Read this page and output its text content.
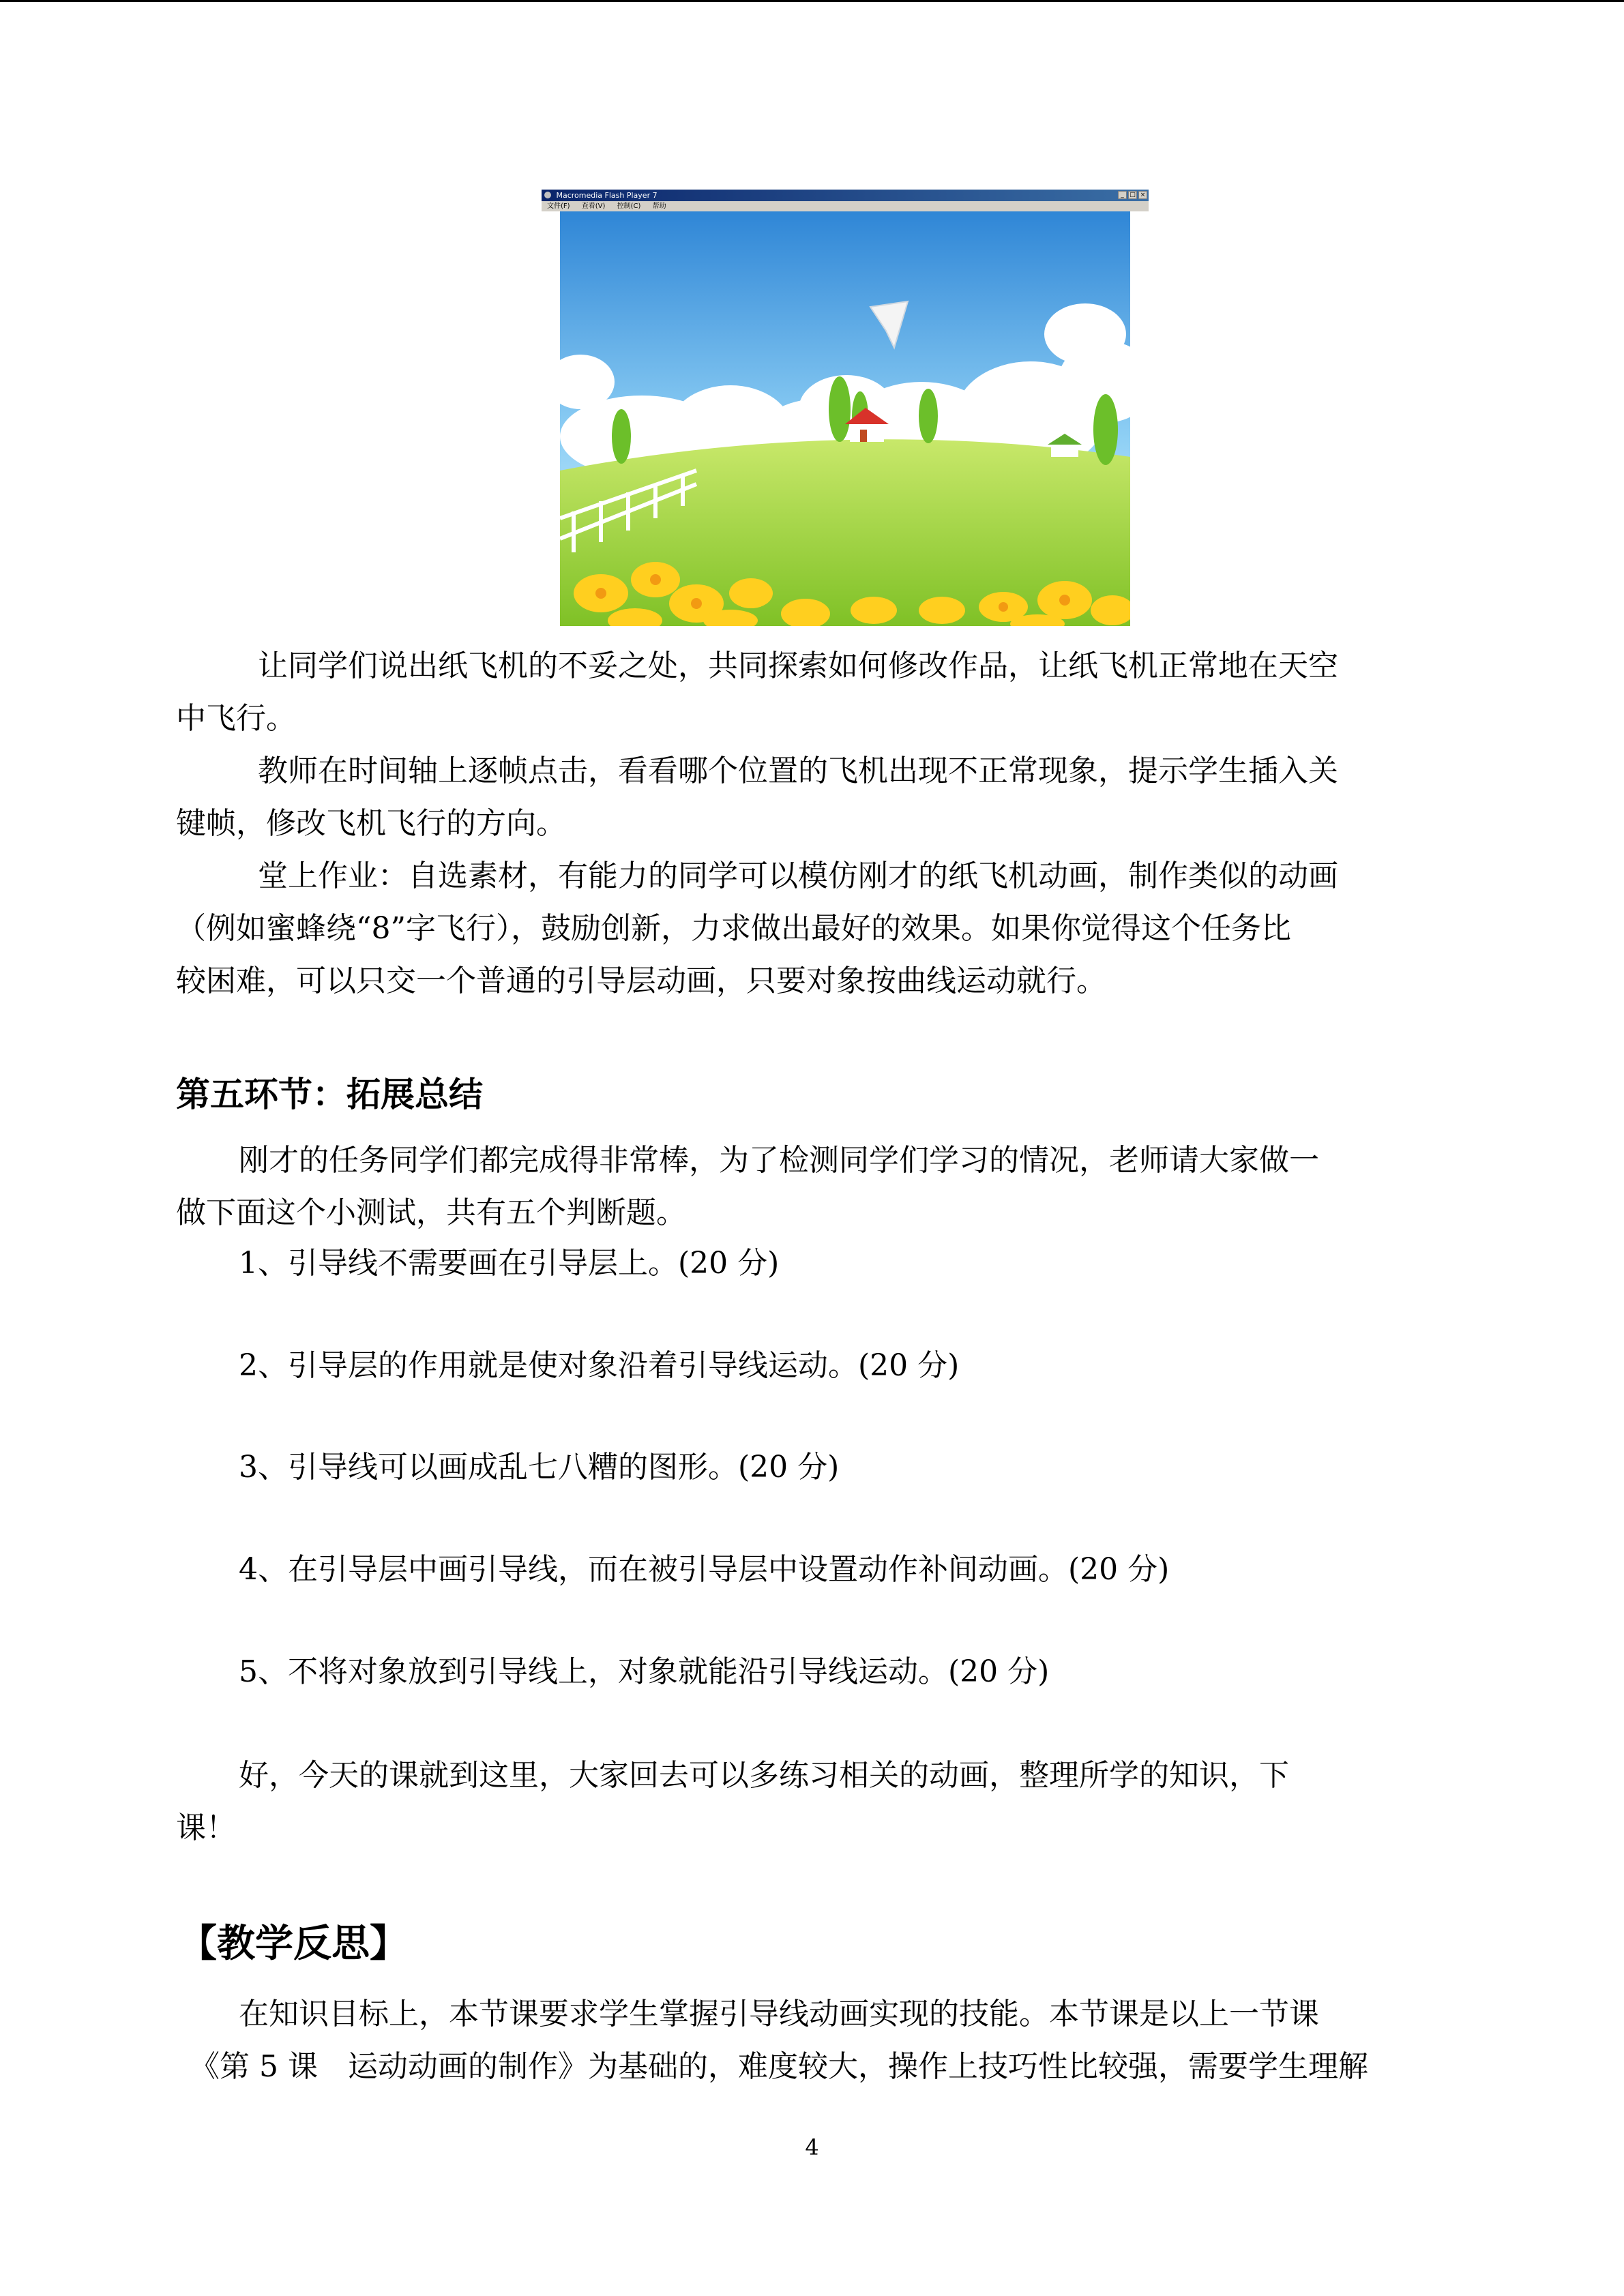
Macromedia Flash Player 7	_ □ ×
文件(F) 查看(V) 控制(C) 帮助

让同学们说出纸飞机的不妥之处，共同探索如何修改作品，让纸飞机正常地在天空

中飞行。

教师在时间轴上逐帧点击，看看哪个位置的飞机出现不正常现象，提示学生插入关

键帧，修改飞机飞行的方向。

堂上作业：自选素材，有能力的同学可以模仿刚才的纸飞机动画，制作类似的动画

（例如蜜蜂绕“8”字飞行），鼓励创新，力求做出最好的效果。如果你觉得这个任务比

较困难，可以只交一个普通的引导层动画，只要对象按曲线运动就行。

第五环节：拓展总结

刚才的任务同学们都完成得非常棒，为了检测同学们学习的情况，老师请大家做一

做下面这个小测试，共有五个判断题。

1、引导线不需要画在引导层上。(20 分)
2、引导层的作用就是使对象沿着引导线运动。(20 分)
3、引导线可以画成乱七八糟的图形。(20 分)
4、在引导层中画引导线，而在被引导层中设置动作补间动画。(20 分)
5、不将对象放到引导线上，对象就能沿引导线运动。(20 分)

好，今天的课就到这里，大家回去可以多练习相关的动画，整理所学的知识，下

课！

【教学反思】

在知识目标上，本节课要求学生掌握引导线动画实现的技能。本节课是以上一节课

《第 5 课　运动动画的制作》为基础的，难度较大，操作上技巧性比较强，需要学生理解

4
